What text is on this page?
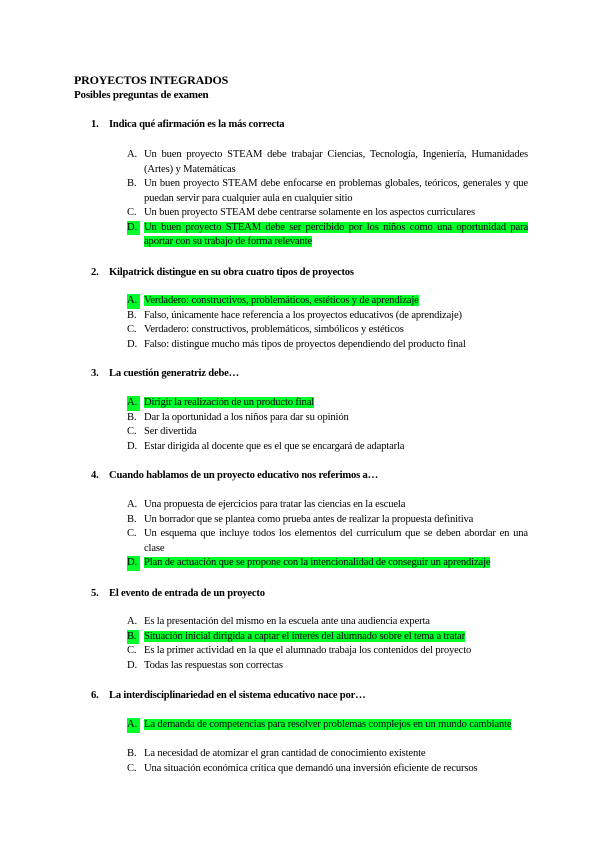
PROYECTOS INTEGRADOS
Posibles preguntas de examen
1. Indica qué afirmación es la más correcta
A. Un buen proyecto STEAM debe trabajar Ciencias, Tecnología, Ingeniería, Humanidades (Artes) y Matemáticas
B. Un buen proyecto STEAM debe enfocarse en problemas globales, teóricos, generales y que puedan servir para cualquier aula en cualquier sitio
C. Un buen proyecto STEAM debe centrarse solamente en los aspectos curriculares
D. Un buen proyecto STEAM debe ser percibido por los niños como una oportunidad para aportar con su trabajo de forma relevante
2. Kilpatrick distingue en su obra cuatro tipos de proyectos
A. Verdadero: constructivos, problemáticos, estéticos y de aprendizaje
B. Falso, únicamente hace referencia a los proyectos educativos (de aprendizaje)
C. Verdadero: constructivos, problemáticos, simbólicos y estéticos
D. Falso: distingue mucho más tipos de proyectos dependiendo del producto final
3. La cuestión generatriz debe…
A. Dirigir la realización de un producto final
B. Dar la oportunidad a los niños para dar su opinión
C. Ser divertida
D. Estar dirigida al docente que es el que se encargará de adaptarla
4. Cuando hablamos de un proyecto educativo nos referimos a…
A. Una propuesta de ejercicios para tratar las ciencias en la escuela
B. Un borrador que se plantea como prueba antes de realizar la propuesta definitiva
C. Un esquema que incluye todos los elementos del currículum que se deben abordar en una clase
D. Plan de actuación que se propone con la intencionalidad de conseguir un aprendizaje
5. El evento de entrada de un proyecto
A. Es la presentación del mismo en la escuela ante una audiencia experta
B. Situación inicial dirigida a captar el interés del alumnado sobre el tema a tratar
C. Es la primer actividad en la que el alumnado trabaja los contenidos del proyecto
D. Todas las respuestas son correctas
6. La interdisciplinariedad en el sistema educativo nace por…
A. La demanda de competencias para resolver problemas complejos en un mundo cambiante
B. La necesidad de atomizar el gran cantidad de conocimiento existente
C. Una situación económica crítica que demandó una inversión eficiente de recursos
